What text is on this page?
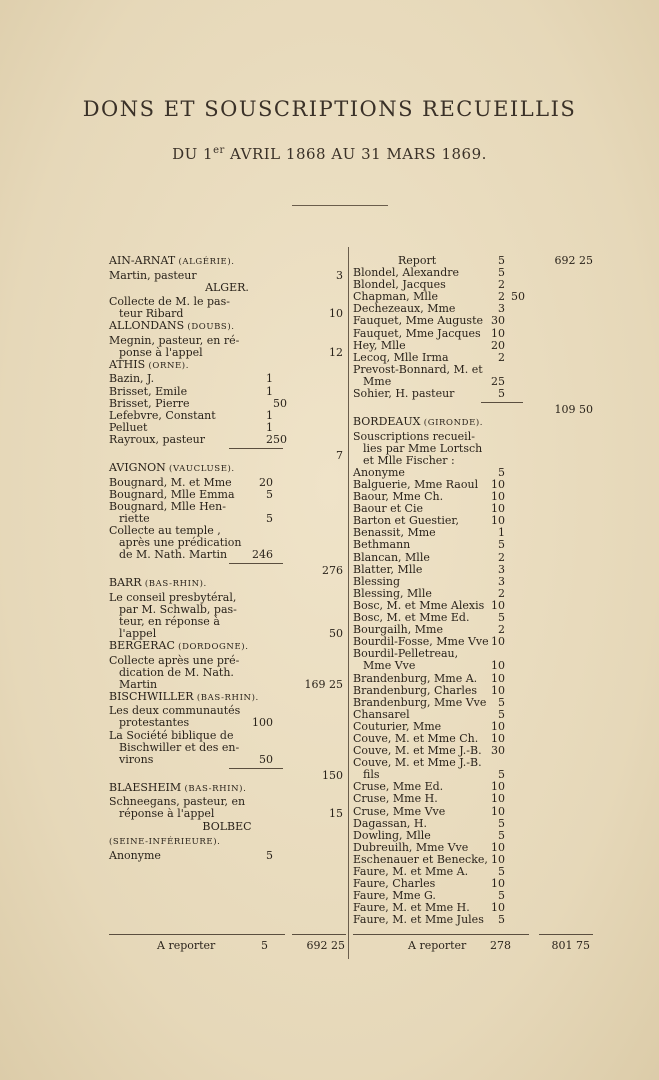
DONS ET SOUSCRIPTIONS RECUEILLIS
DU 1er AVRIL 1868 AU 31 MARS 1869.
AIN-ARNAT (ALGÉRIE).
Martin, pasteur	3
ALGER.
Collecte de M. le pas-
teur Ribard	10
ALLONDANS (DOUBS).
Megnin, pasteur, en ré-
ponse à l'appel	12
ATHIS (ORNE).
Bazin, J.	1
Brisset, Emile	1
Brisset, Pierre	50
Lefebvre, Constant	1
Pelluet	1
Rayroux, pasteur	2 50
7
AVIGNON (VAUCLUSE).
Bougnard, M. et Mme 20
Bougnard, Mlle Emma	5
Bougnard, Mlle Hen-
riette	5
Collecte au temple ,
après une prédication
de M. Nath. Martin 246
276
BARR (BAS-RHIN).
Le conseil presbytéral,
par M. Schwalb, pas-
teur, en réponse à
l'appel	50
BERGERAC (DORDOGNE).
Collecte après une pré-
dication de M. Nath.
Martin	169 25
BISCHWILLER (BAS-RHIN).
Les deux communautés
protestantes	100
La Société biblique de
Bischwiller et des en-
virons	50
150
BLAESHEIM (BAS-RHIN).
Schneegans, pasteur, en
réponse à l'appel	15
BOLBEC
(SEINE-INFÉRIEURE).
Anonyme	5
Report	5	692 25
Blondel, Alexandre	5
Blondel, Jacques	2
Chapman, Mlle	2 50
Dechezeaux, Mme	3
Fauquet, Mme Auguste 30
Fauquet, Mme Jacques 10
Hey, Mlle	20
Lecoq, Mlle Irma	2
Prevost-Bonnard, M. et
Mme	25
Sohier, H. pasteur	5
109 50
BORDEAUX (GIRONDE).
Souscriptions recueil-
lies par Mme Lortsch
et Mlle Fischer :
Anonyme	5
Balguerie, Mme Raoul 10
Baour, Mme Ch.	10
Baour et Cie	10
Barton et Guestier,	10
Benassit, Mme	1
Bethmann	5
Blancan, Mlle	2
Blatter, Mlle	3
Blessing	3
Blessing, Mlle	2
Bosc, M. et Mme Alexis 10
Bosc, M. et Mme Ed.	5
Bourgailh, Mme	2
Bourdil-Fosse, Mme Vve 10
Bourdil-Pelletreau,
Mme Vve	10
Brandenburg, Mme A. 10
Brandenburg, Charles 10
Brandenburg, Mme Vve 5
Chansarel	5
Couturier, Mme	10
Couve, M. et Mme Ch. 10
Couve, M. et Mme J.-B. 30
Couve, M. et Mme J.-B.
fils	5
Cruse, Mme Ed.	10
Cruse, Mme H.	10
Cruse, Mme Vve	10
Dagassan, H.	5
Dowling, Mlle	5
Dubreuilh, Mme Vve 10
Eschenauer et Benecke, 10
Faure, M. et Mme A.	5
Faure, Charles	10
Faure, Mme G.	5
Faure, M. et Mme H. 10
Faure, M. et Mme Jules 5
A reporter	5	692 25	A reporter	278	801 75
